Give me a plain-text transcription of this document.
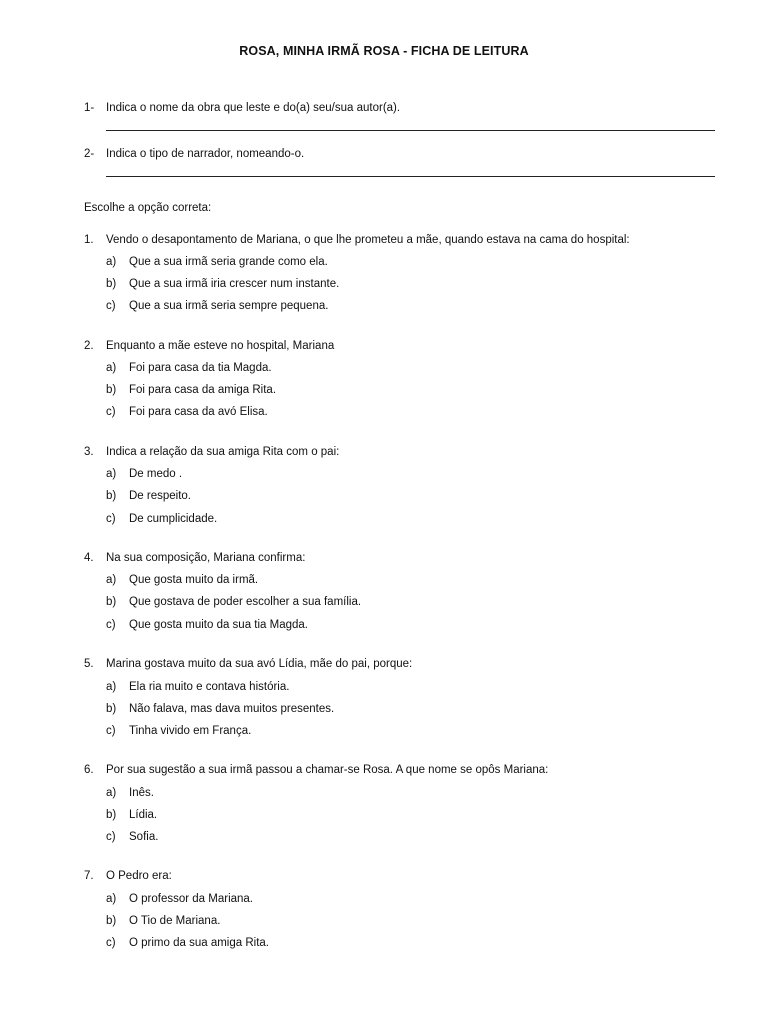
ROSA, MINHA IRMÃ ROSA - FICHA DE LEITURA
1- Indica o nome da obra que leste e do(a) seu/sua autor(a).
2- Indica o tipo de narrador, nomeando-o.
Escolhe a opção correta:
1. Vendo o desapontamento de Mariana, o que lhe prometeu a mãe, quando estava na cama do hospital:
a) Que a sua irmã seria grande como ela.
b) Que a sua irmã iria crescer num instante.
c) Que a sua irmã seria sempre pequena.
2. Enquanto a mãe esteve no hospital, Mariana
a) Foi para casa da tia Magda.
b) Foi para casa da amiga Rita.
c) Foi para casa da avó Elisa.
3. Indica a relação da sua amiga Rita com o pai:
a) De medo .
b) De respeito.
c) De cumplicidade.
4. Na sua composição, Mariana confirma:
a) Que gosta muito da irmã.
b) Que gostava de poder escolher a sua família.
c) Que gosta muito da sua tia Magda.
5. Marina gostava muito da sua avó Lídia, mãe do pai, porque:
a) Ela ria muito e contava história.
b) Não falava, mas dava muitos presentes.
c) Tinha vivido em França.
6. Por sua sugestão a sua irmã passou a chamar-se Rosa. A que nome se opôs Mariana:
a) Inês.
b) Lídia.
c) Sofia.
7. O Pedro era:
a) O professor da Mariana.
b) O Tio de Mariana.
c) O primo da sua amiga Rita.
